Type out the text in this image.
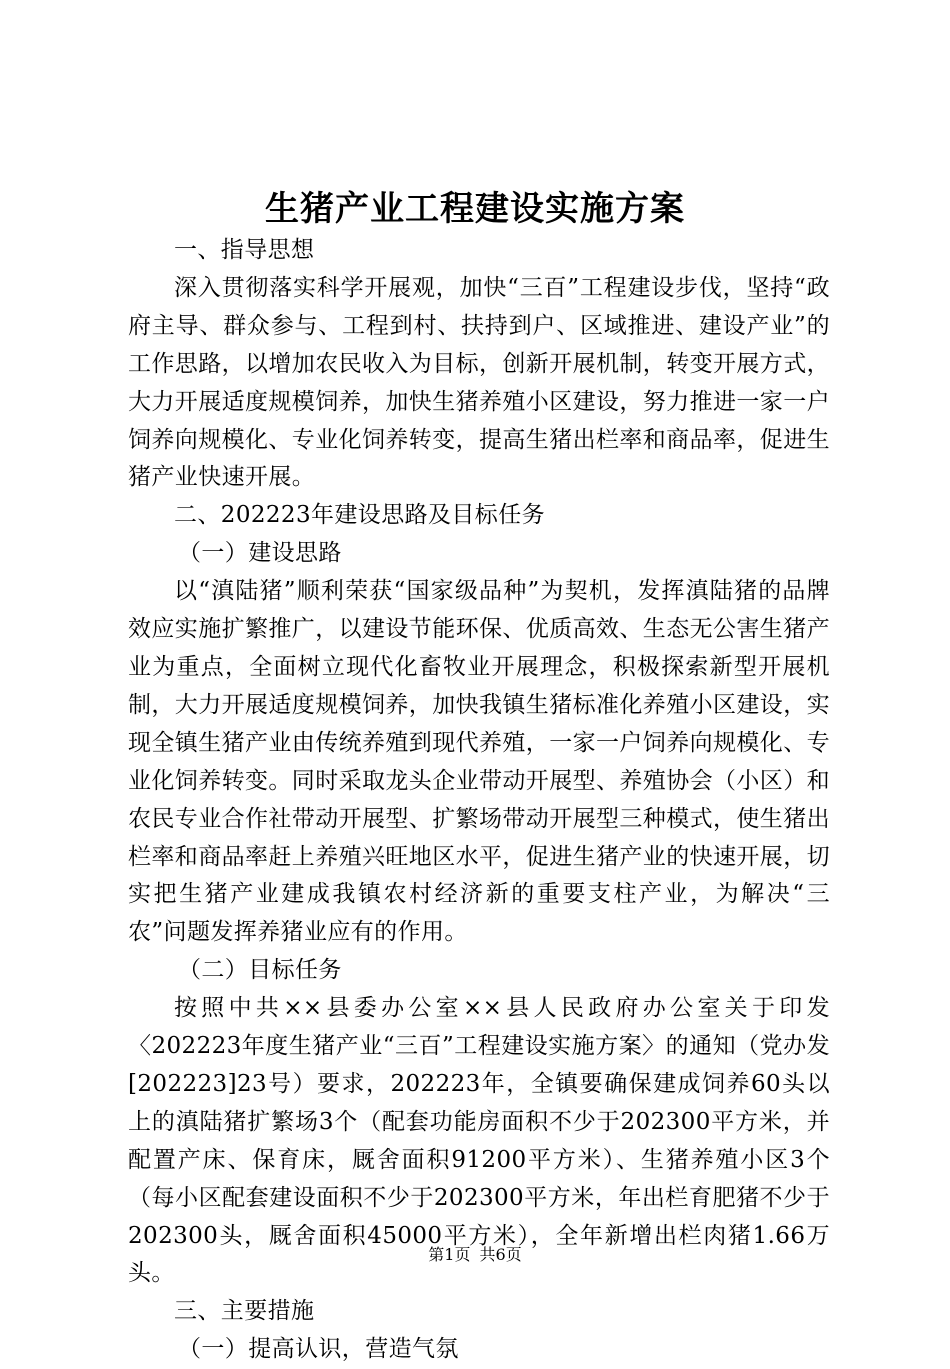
生猪产业工程建设实施方案

一、指导思想

深入贯彻落实科学开展观，加快“三百”工程建设步伐，坚持“政府主导、群众参与、工程到村、扶持到户、区域推进、建设产业”的工作思路，以增加农民收入为目标，创新开展机制，转变开展方式，大力开展适度规模饲养，加快生猪养殖小区建设，努力推进一家一户饲养向规模化、专业化饲养转变，提高生猪出栏率和商品率，促进生猪产业快速开展。

二、202223年建设思路及目标任务

（一）建设思路

以“滇陆猪”顺利荣获“国家级品种”为契机，发挥滇陆猪的品牌效应实施扩繁推广，以建设节能环保、优质高效、生态无公害生猪产业为重点，全面树立现代化畜牧业开展理念，积极探索新型开展机制，大力开展适度规模饲养，加快我镇生猪标准化养殖小区建设，实现全镇生猪产业由传统养殖到现代养殖，一家一户饲养向规模化、专业化饲养转变。同时采取龙头企业带动开展型、养殖协会（小区）和农民专业合作社带动开展型、扩繁场带动开展型三种模式，使生猪出栏率和商品率赶上养殖兴旺地区水平，促进生猪产业的快速开展，切实把生猪产业建成我镇农村经济新的重要支柱产业，为解决“三农”问题发挥养猪业应有的作用。

（二）目标任务

按照中共××县委办公室××县人民政府办公室关于印发〈202223年度生猪产业“三百”工程建设实施方案〉的通知（党办发[202223]23号）要求，202223年，全镇要确保建成饲养60头以上的滇陆猪扩繁场3个（配套功能房面积不少于202300平方米，并配置产床、保育床，厩舍面积91200平方米）、生猪养殖小区3个（每小区配套建设面积不少于202300平方米，年出栏育肥猪不少于202300头，厩舍面积45000平方米），全年新增出栏肉猪1.66万头。

三、主要措施

（一）提高认识，营造气氛

第1页 共6页
